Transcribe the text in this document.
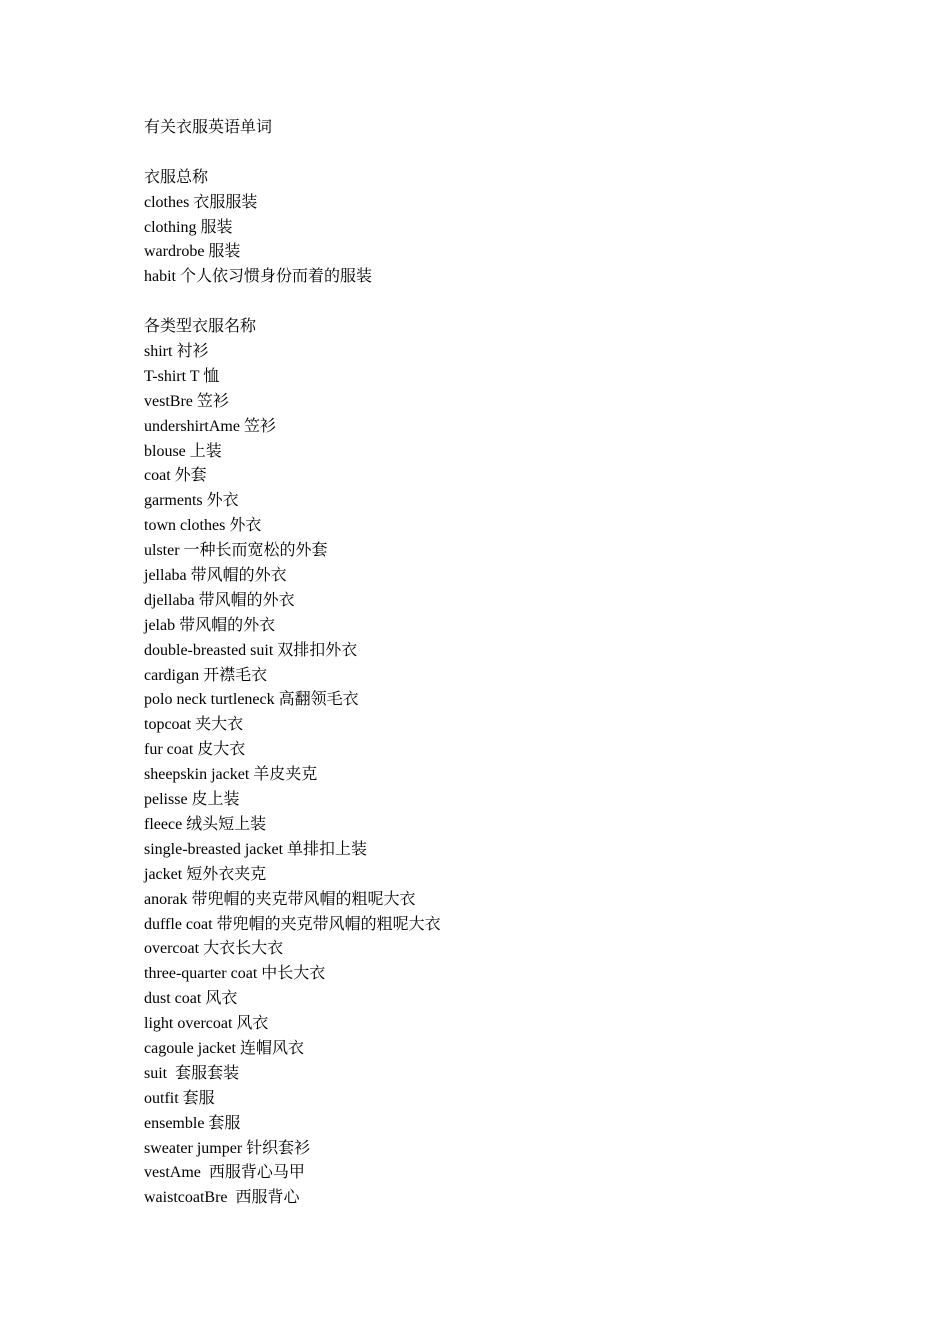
有关衣服英语单词
衣服总称
clothes 衣服服装
clothing 服装
wardrobe 服装
habit 个人依习惯身份而着的服装
各类型衣服名称
shirt 衬衫
T-shirt T 恤
vestBre 笠衫
undershirtAme 笠衫
blouse 上装
coat 外套
garments 外衣
town clothes 外衣
ulster 一种长而宽松的外套
jellaba 带风帽的外衣
djellaba 带风帽的外衣
jelab 带风帽的外衣
double-breasted suit 双排扣外衣
cardigan 开襟毛衣
polo neck turtleneck 高翻领毛衣
topcoat 夹大衣
fur coat 皮大衣
sheepskin jacket 羊皮夹克
pelisse 皮上装
fleece 绒头短上装
single-breasted jacket 单排扣上装
jacket 短外衣夹克
anorak 带兜帽的夹克带风帽的粗呢大衣
duffle coat 带兜帽的夹克带风帽的粗呢大衣
overcoat 大衣长大衣
three-quarter coat 中长大衣
dust coat 风衣
light overcoat 风衣
cagoule jacket 连帽风衣
suit  套服套装
outfit 套服
ensemble 套服
sweater jumper 针织套衫
vestAme  西服背心马甲
waistcoatBre  西服背心
